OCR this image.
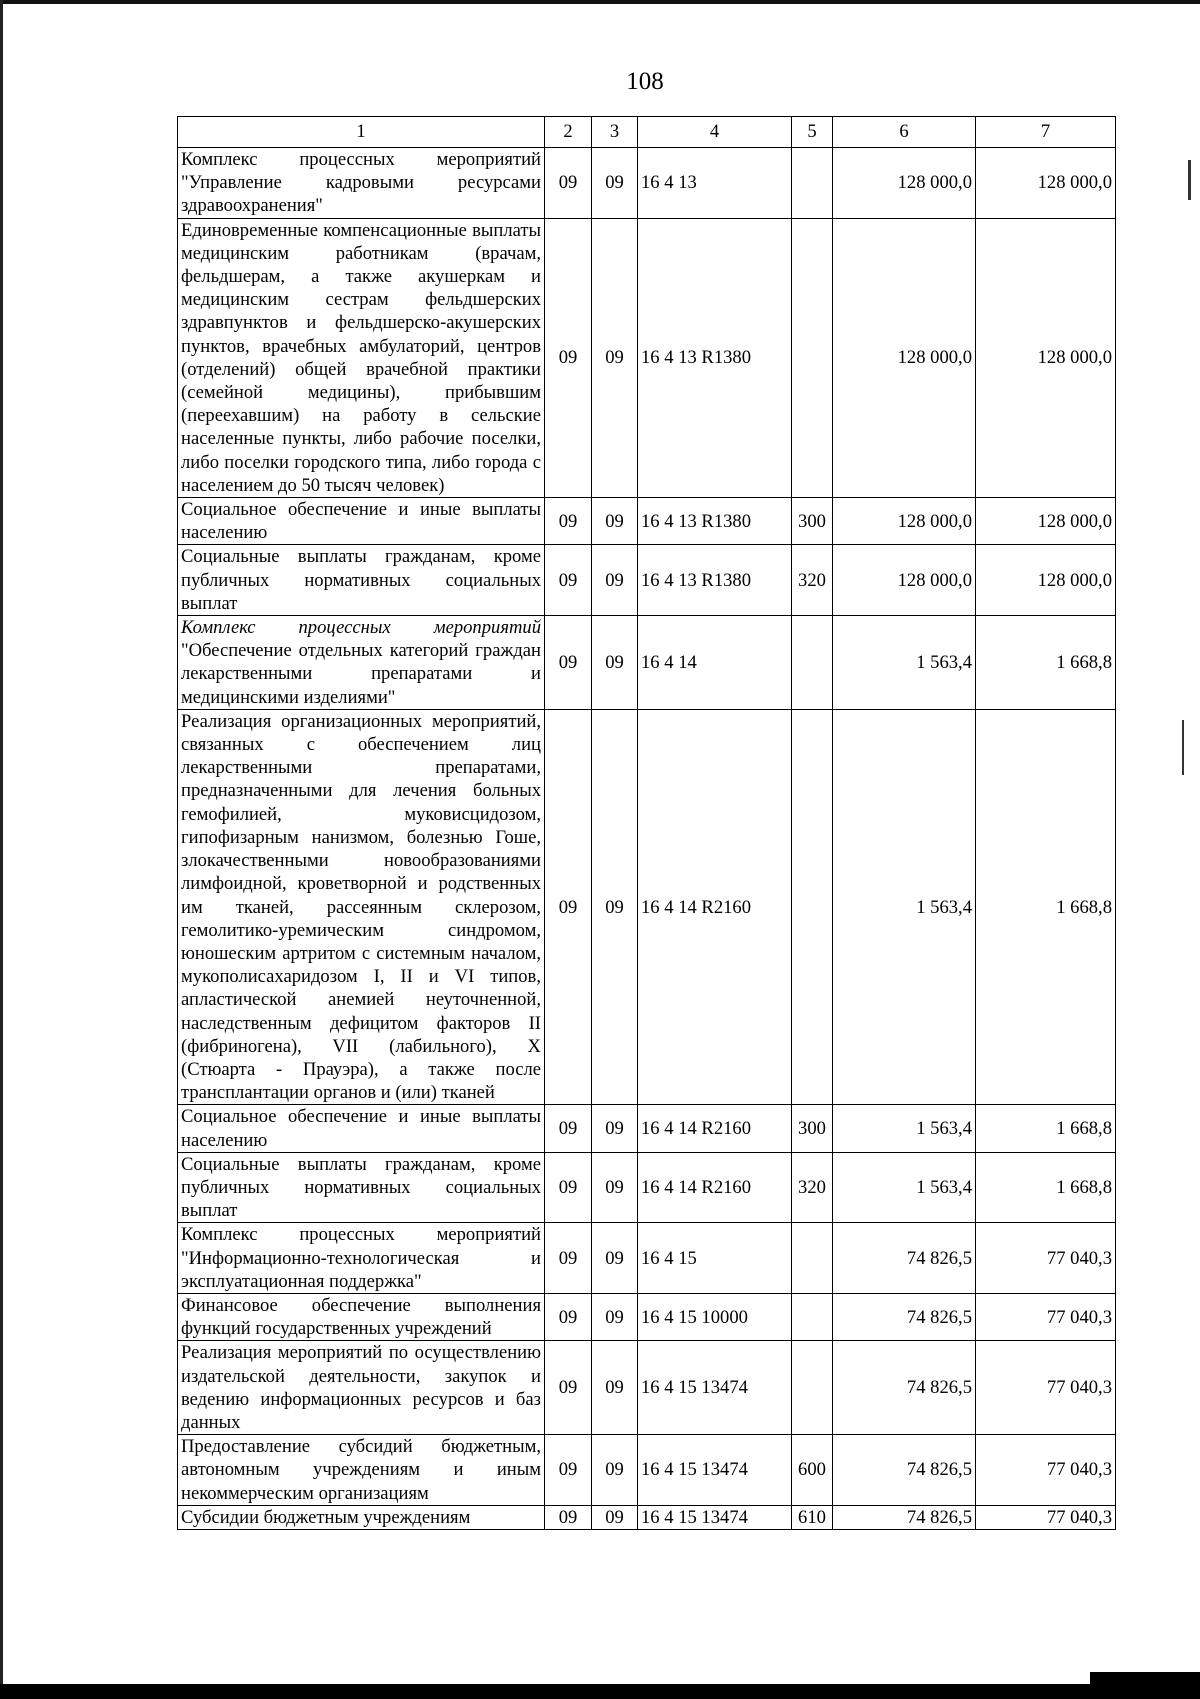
108
1	2	3	4	5	6	7
Комплекс процессных мероприятий "Управление кадровыми ресурсами здравоохранения"	09	09	16 4 13		128 000,0	128 000,0
Единовременные компенсационные выплаты медицинским работникам (врачам, фельдшерам, а также акушеркам и медицинским сестрам фельдшерских здравпунктов и фельдшерско-акушерских пунктов, врачебных амбулаторий, центров (отделений) общей врачебной практики (семейной медицины), прибывшим (переехавшим) на работу в сельские населенные пункты, либо рабочие поселки, либо поселки городского типа, либо города с населением до 50 тысяч человек)	09	09	16 4 13 R1380		128 000,0	128 000,0
Социальное обеспечение и иные выплаты населению	09	09	16 4 13 R1380	300	128 000,0	128 000,0
Социальные выплаты гражданам, кроме публичных нормативных социальных выплат	09	09	16 4 13 R1380	320	128 000,0	128 000,0
Комплекс процессных мероприятий "Обеспечение отдельных категорий граждан лекарственными препаратами и медицинскими изделиями"	09	09	16 4 14		1 563,4	1 668,8
Реализация организационных мероприятий, связанных с обеспечением лиц лекарственными препаратами, предназначенными для лечения больных гемофилией, муковисцидозом, гипофизарным нанизмом, болезнью Гоше, злокачественными новообразованиями лимфоидной, кроветворной и родственных им тканей, рассеянным склерозом, гемолитико-уремическим синдромом, юношеским артритом с системным началом, мукополисахаридозом I, II и VI типов, апластической анемией неуточненной, наследственным дефицитом факторов II (фибриногена), VII (лабильного), X (Стюарта - Прауэра), а также после трансплантации органов и (или) тканей	09	09	16 4 14 R2160		1 563,4	1 668,8
Социальное обеспечение и иные выплаты населению	09	09	16 4 14 R2160	300	1 563,4	1 668,8
Социальные выплаты гражданам, кроме публичных нормативных социальных выплат	09	09	16 4 14 R2160	320	1 563,4	1 668,8
Комплекс процессных мероприятий "Информационно-технологическая и эксплуатационная поддержка"	09	09	16 4 15		74 826,5	77 040,3
Финансовое обеспечение выполнения функций государственных учреждений	09	09	16 4 15 10000		74 826,5	77 040,3
Реализация мероприятий по осуществлению издательской деятельности, закупок и ведению информационных ресурсов и баз данных	09	09	16 4 15 13474		74 826,5	77 040,3
Предоставление субсидий бюджетным, автономным учреждениям и иным некоммерческим организациям	09	09	16 4 15 13474	600	74 826,5	77 040,3
Субсидии бюджетным учреждениям	09	09	16 4 15 13474	610	74 826,5	77 040,3
